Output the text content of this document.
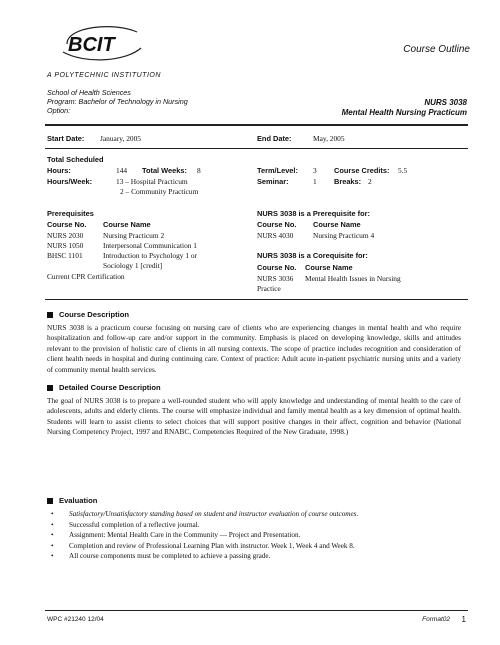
BCIT
A POLYTECHNIC INSTITUTION
Course Outline
School of Health Sciences
Program: Bachelor of Technology in Nursing
Option:
NURS 3038
Mental Health Nursing Practicum
Start Date: January, 2005	End Date:	May, 2005
Total Scheduled
Hours:	144 Total Weeks: 8
Hours/Week:	13 – Hospital Practicum
2 – Community Practicum
Term/Level: 3 Course Credits: 5.5
Seminar:	1 Breaks: 2
Prerequisites
Course No. Course Name
NURS 2030	Nursing Practicum 2
NURS 1050	Interpersonal Communication 1
BHSC 1101	Introduction to Psychology 1 or
Sociology 1 [credit]
Current CPR Certification
NURS 3038 is a Prerequisite for:
Course No. Course Name
NURS 4030	Nursing Practicum 4
NURS 3038 is a Corequisite for:
Course No. Course Name
NURS 3036 Mental Health Issues in Nursing
Practice
Course Description
NURS 3038 is a practicum course focusing on nursing care of clients who are experiencing changes in mental health and who require hospitalization and follow-up care and/or support in the community. Emphasis is placed on developing knowledge, skills and attitudes relevant to the provision of holistic care of clients in all nursing contexts. The scope of practice includes recognition and consideration of client health needs in hospital and during continuing care. Context of practice: Adult acute in-patient psychiatric nursing units and a variety of community mental health services.
Detailed Course Description
The goal of NURS 3038 is to prepare a well-rounded student who will apply knowledge and understanding of mental health to the care of adolescents, adults and elderly clients. The course will emphasize individual and family mental health as a key dimension of optimal health. Students will learn to assist clients to select choices that will support positive changes in their affect, cognition and behavior (National Nursing Competency Project, 1997 and RNABC, Competencies Required of the New Graduate, 1998.)
Evaluation
• Satisfactory/Unsatisfactory standing based on student and instructor evaluation of course outcomes.
• Successful completion of a reflective journal.
• Assignment: Mental Health Care in the Community — Project and Presentation.
• Completion and review of Professional Learning Plan with instructor. Week 1, Week 4 and Week 8.
• All course components must be completed to achieve a passing grade.
WPC #21240 12/04	Format02 1
